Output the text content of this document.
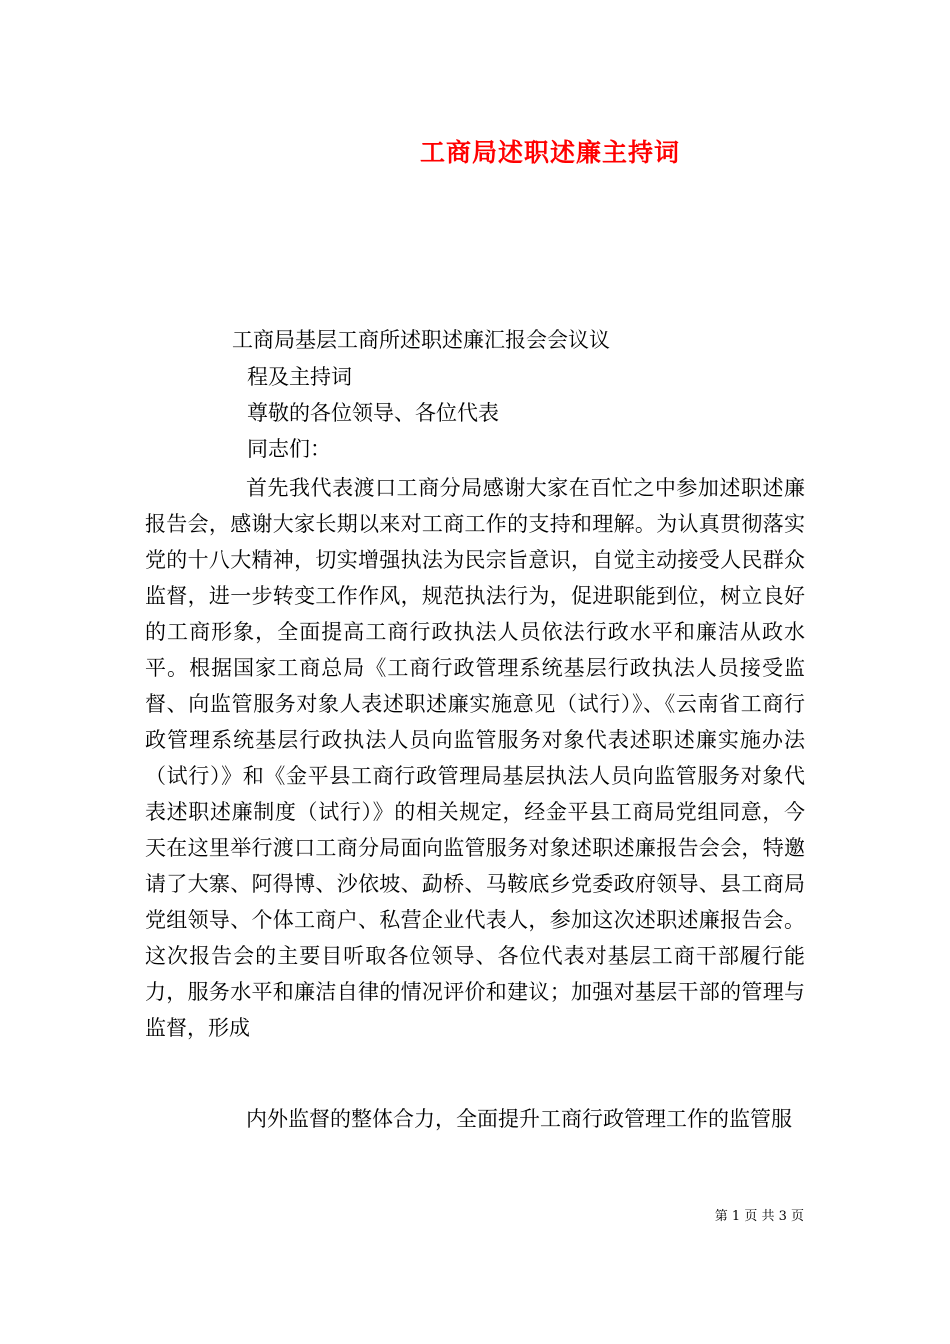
工商局述职述廉主持词
工商局基层工商所述职述廉汇报会会议议
程及主持词
尊敬的各位领导、各位代表
同志们：

首先我代表渡口工商分局感谢大家在百忙之中参加述职述廉报告会，感谢大家长期以来对工商工作的支持和理解。为认真贯彻落实党的十八大精神，切实增强执法为民宗旨意识，自觉主动接受人民群众监督，进一步转变工作作风，规范执法行为，促进职能到位，树立良好的工商形象，全面提高工商行政执法人员依法行政水平和廉洁从政水平。根据国家工商总局《工商行政管理系统基层行政执法人员接受监督、向监管服务对象人表述职述廉实施意见（试行）》、《云南省工商行政管理系统基层行政执法人员向监管服务对象代表述职述廉实施办法（试行）》和《金平县工商行政管理局基层执法人员向监管服务对象代表述职述廉制度（试行）》的相关规定，经金平县工商局党组同意，今天在这里举行渡口工商分局面向监管服务对象述职述廉报告会会，特邀请了大寨、阿得博、沙依坡、勐桥、马鞍底乡党委政府领导、县工商局党组领导、个体工商户、私营企业代表人，参加这次述职述廉报告会。这次报告会的主要目听取各位领导、各位代表对基层工商干部履行能力，服务水平和廉洁自律的情况评价和建议；加强对基层干部的管理与监督，形成

内外监督的整体合力，全面提升工商行政管理工作的监管服

第 1 页 共 3 页
